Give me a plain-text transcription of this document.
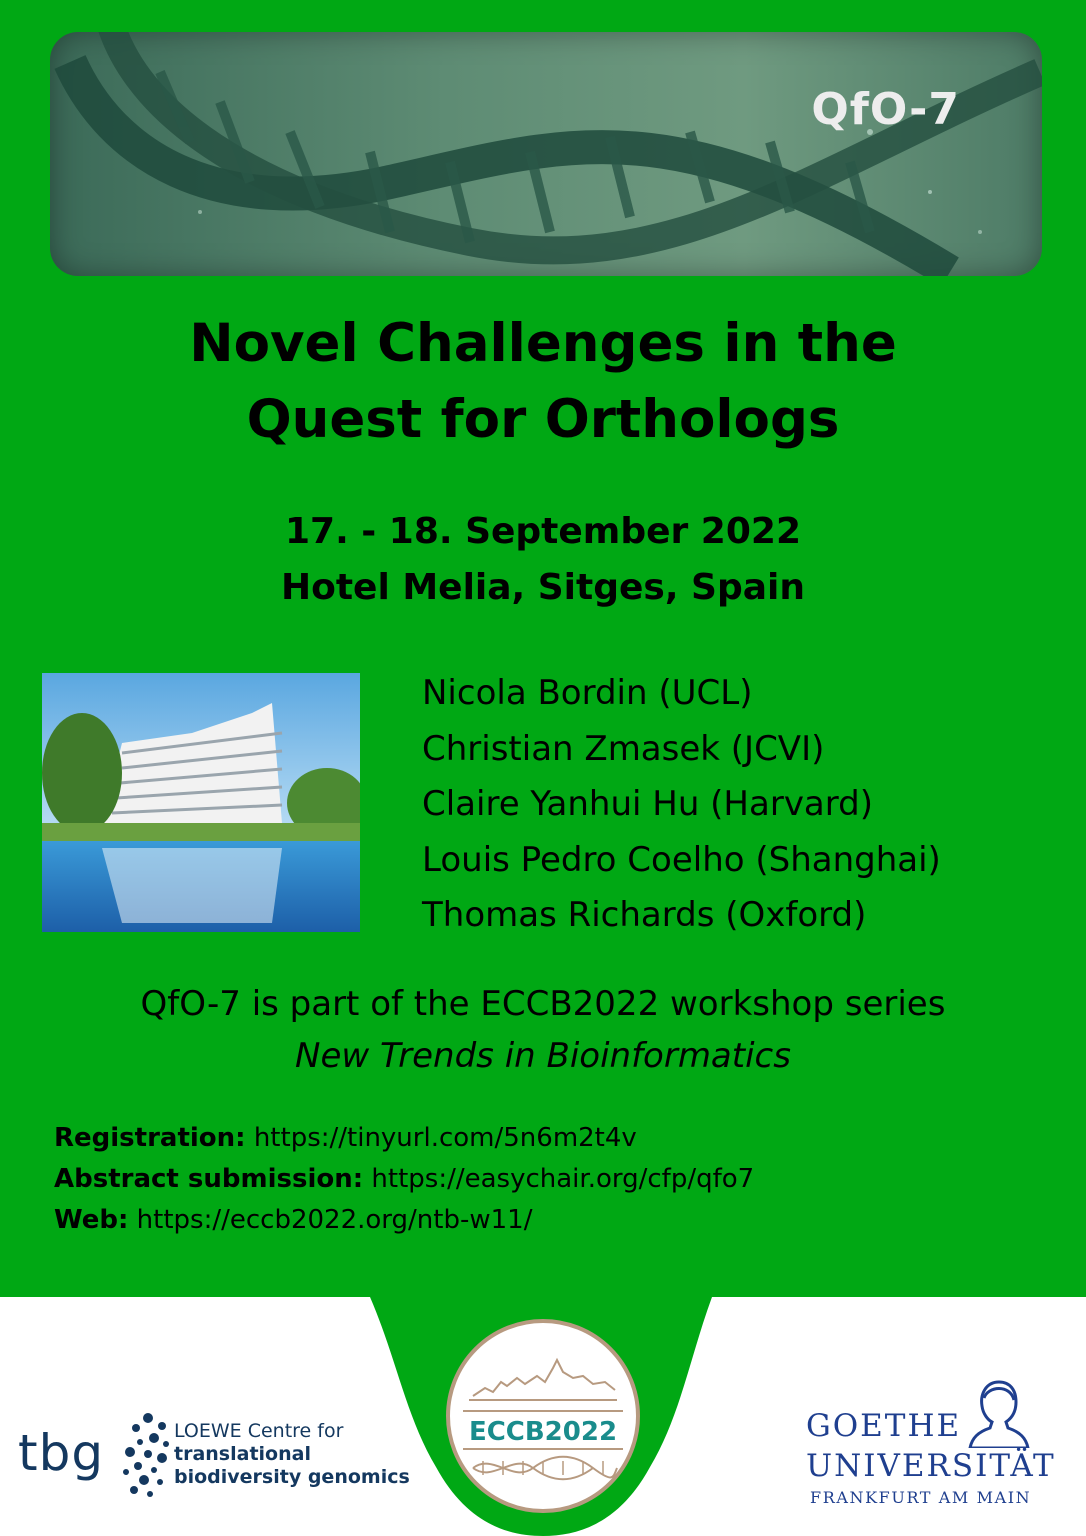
QfO-7

Novel Challenges in the
Quest for Orthologs

17. - 18. September 2022
Hotel Melia, Sitges, Spain

Nicola Bordin (UCL)
Christian Zmasek (JCVI)
Claire Yanhui Hu (Harvard)
Louis Pedro Coelho (Shanghai)
Thomas Richards (Oxford)

QfO-7 is part of the ECCB2022 workshop series
New Trends in Bioinformatics

Registration: https://tinyurl.com/5n6m2t4v
Abstract submission: https://easychair.org/cfp/qfo7
Web: https://eccb2022.org/ntb-w11/
ECCB2022
tbg	LOEWE Centre for
translational
biodiversity genomics
GOETHE
UNIVERSITÄT
FRANKFURT AM MAIN
